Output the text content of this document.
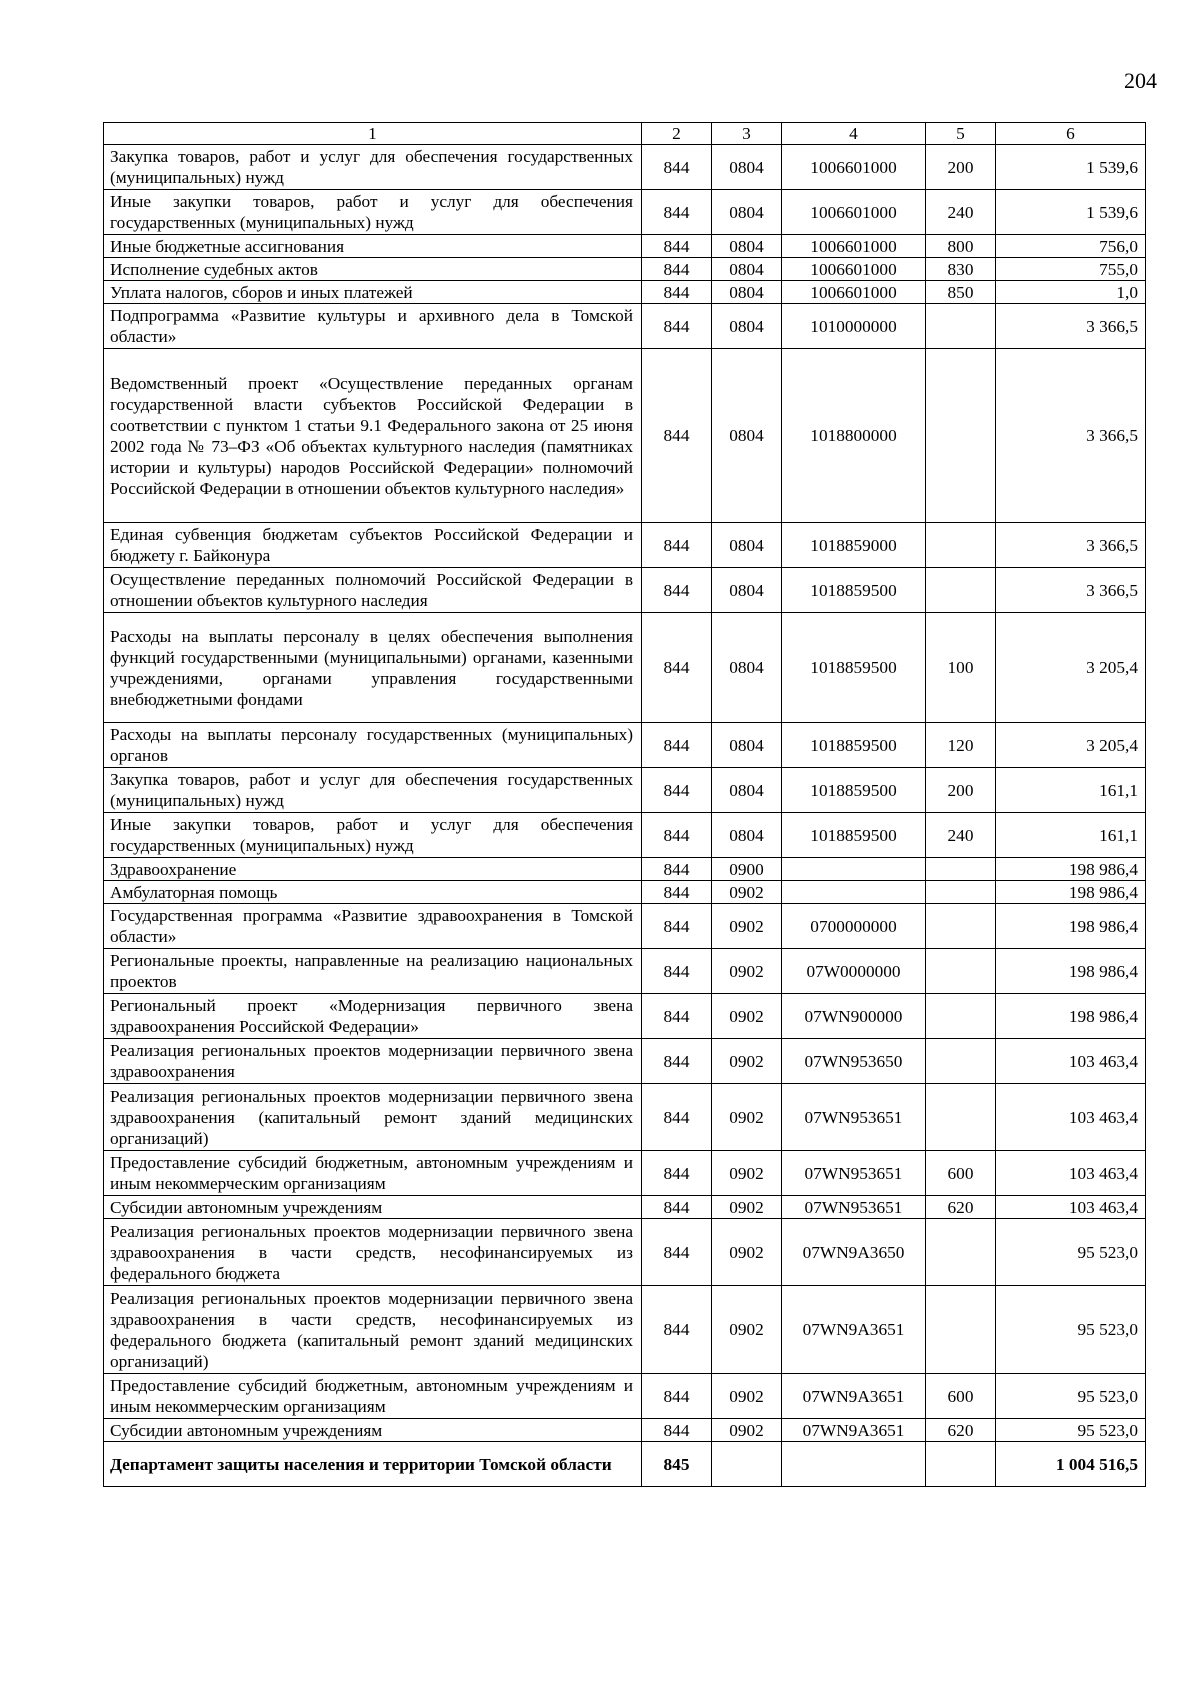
204
1	2	3	4	5	6
Закупка товаров, работ и услуг для обеспечения государственных (муниципальных) нужд	844	0804	1006601000	200	1 539,6
Иные закупки товаров, работ и услуг для обеспечения государственных (муниципальных) нужд	844	0804	1006601000	240	1 539,6
Иные бюджетные ассигнования	844	0804	1006601000	800	756,0
Исполнение судебных актов	844	0804	1006601000	830	755,0
Уплата налогов, сборов и иных платежей	844	0804	1006601000	850	1,0
Подпрограмма «Развитие культуры и архивного дела в Томской области»	844	0804	1010000000		3 366,5
Ведомственный проект «Осуществление переданных органам государственной власти субъектов Российской Федерации в соответствии с пунктом 1 статьи 9.1 Федерального закона от 25 июня 2002 года № 73–ФЗ «Об объектах культурного наследия (памятниках истории и культуры) народов Российской Федерации» полномочий Российской Федерации в отношении объектов культурного наследия»	844	0804	1018800000		3 366,5
Единая субвенция бюджетам субъектов Российской Федерации и бюджету г. Байконура	844	0804	1018859000		3 366,5
Осуществление переданных полномочий Российской Федерации в отношении объектов культурного наследия	844	0804	1018859500		3 366,5
Расходы на выплаты персоналу в целях обеспечения выполнения функций государственными (муниципальными) органами, казенными учреждениями, органами управления государственными внебюджетными фондами	844	0804	1018859500	100	3 205,4
Расходы на выплаты персоналу государственных (муниципальных) органов	844	0804	1018859500	120	3 205,4
Закупка товаров, работ и услуг для обеспечения государственных (муниципальных) нужд	844	0804	1018859500	200	161,1
Иные закупки товаров, работ и услуг для обеспечения государственных (муниципальных) нужд	844	0804	1018859500	240	161,1
Здравоохранение	844	0900			198 986,4
Амбулаторная помощь	844	0902			198 986,4
Государственная программа «Развитие здравоохранения в Томской области»	844	0902	0700000000		198 986,4
Региональные проекты, направленные на реализацию национальных проектов	844	0902	07W0000000		198 986,4
Региональный проект «Модернизация первичного звена здравоохранения Российской Федерации»	844	0902	07WN900000		198 986,4
Реализация региональных проектов модернизации первичного звена здравоохранения	844	0902	07WN953650		103 463,4
Реализация региональных проектов модернизации первичного звена здравоохранения (капитальный ремонт зданий медицинских организаций)	844	0902	07WN953651		103 463,4
Предоставление субсидий бюджетным, автономным учреждениям и иным некоммерческим организациям	844	0902	07WN953651	600	103 463,4
Субсидии автономным учреждениям	844	0902	07WN953651	620	103 463,4
Реализация региональных проектов модернизации первичного звена здравоохранения в части средств, несофинансируемых из федерального бюджета	844	0902	07WN9A3650		95 523,0
Реализация региональных проектов модернизации первичного звена здравоохранения в части средств, несофинансируемых из федерального бюджета (капитальный ремонт зданий медицинских организаций)	844	0902	07WN9A3651		95 523,0
Предоставление субсидий бюджетным, автономным учреждениям и иным некоммерческим организациям	844	0902	07WN9A3651	600	95 523,0
Субсидии автономным учреждениям	844	0902	07WN9A3651	620	95 523,0
Департамент защиты населения и территории Томской области	845				1 004 516,5
